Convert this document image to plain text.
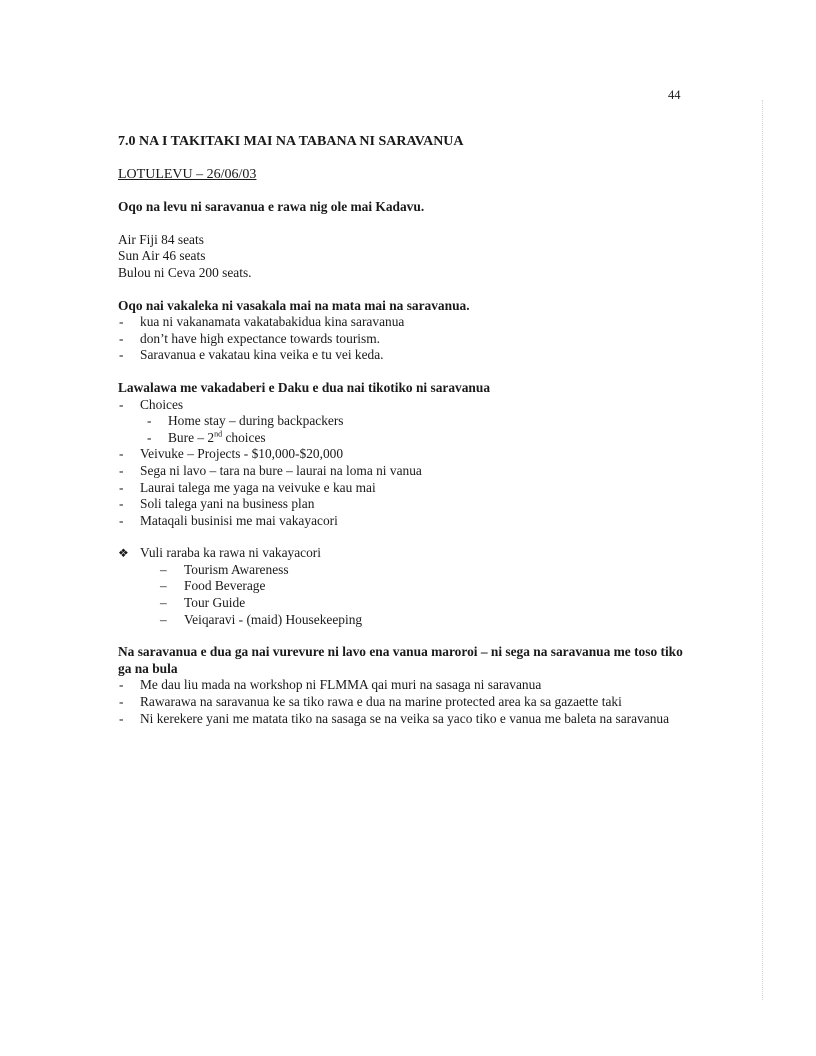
44
7.0 NA I TAKITAKI MAI NA TABANA NI SARAVANUA
LOTULEVU – 26/06/03
Oqo na levu ni saravanua e rawa nig ole mai Kadavu.
Air Fiji 84 seats
Sun Air 46 seats
Bulou ni Ceva 200 seats.
Oqo nai vakaleka ni vasakala mai na mata mai na saravanua.
- kua ni vakanamata vakatabakidua kina saravanua
- don’t have high expectance towards tourism.
- Saravanua e vakatau kina veika e tu vei keda.
Lawalawa me vakadaberi e Daku e dua nai tikotiko ni saravanua
- Choices
- Home stay – during backpackers
- Bure – 2nd choices
- Veivuke – Projects - $10,000-$20,000
- Sega ni lavo – tara na bure – laurai na loma ni vanua
- Laurai talega me yaga na veivuke e kau mai
- Soli talega yani na business plan
- Mataqali businisi me mai vakayacori
❖ Vuli raraba ka rawa ni vakayacori
– Tourism Awareness
– Food Beverage
– Tour Guide
– Veiqaravi - (maid) Housekeeping
Na saravanua e dua ga nai vurevure ni lavo ena vanua maroroi – ni sega na saravanua me toso tiko ga na bula
- Me dau liu mada na workshop ni FLMMA qai muri na sasaga ni saravanua
- Rawarawa na saravanua ke sa tiko rawa e dua na marine protected area ka sa gazaette taki
- Ni kerekere yani me matata tiko na sasaga se na veika sa yaco tiko e vanua me baleta na saravanua
